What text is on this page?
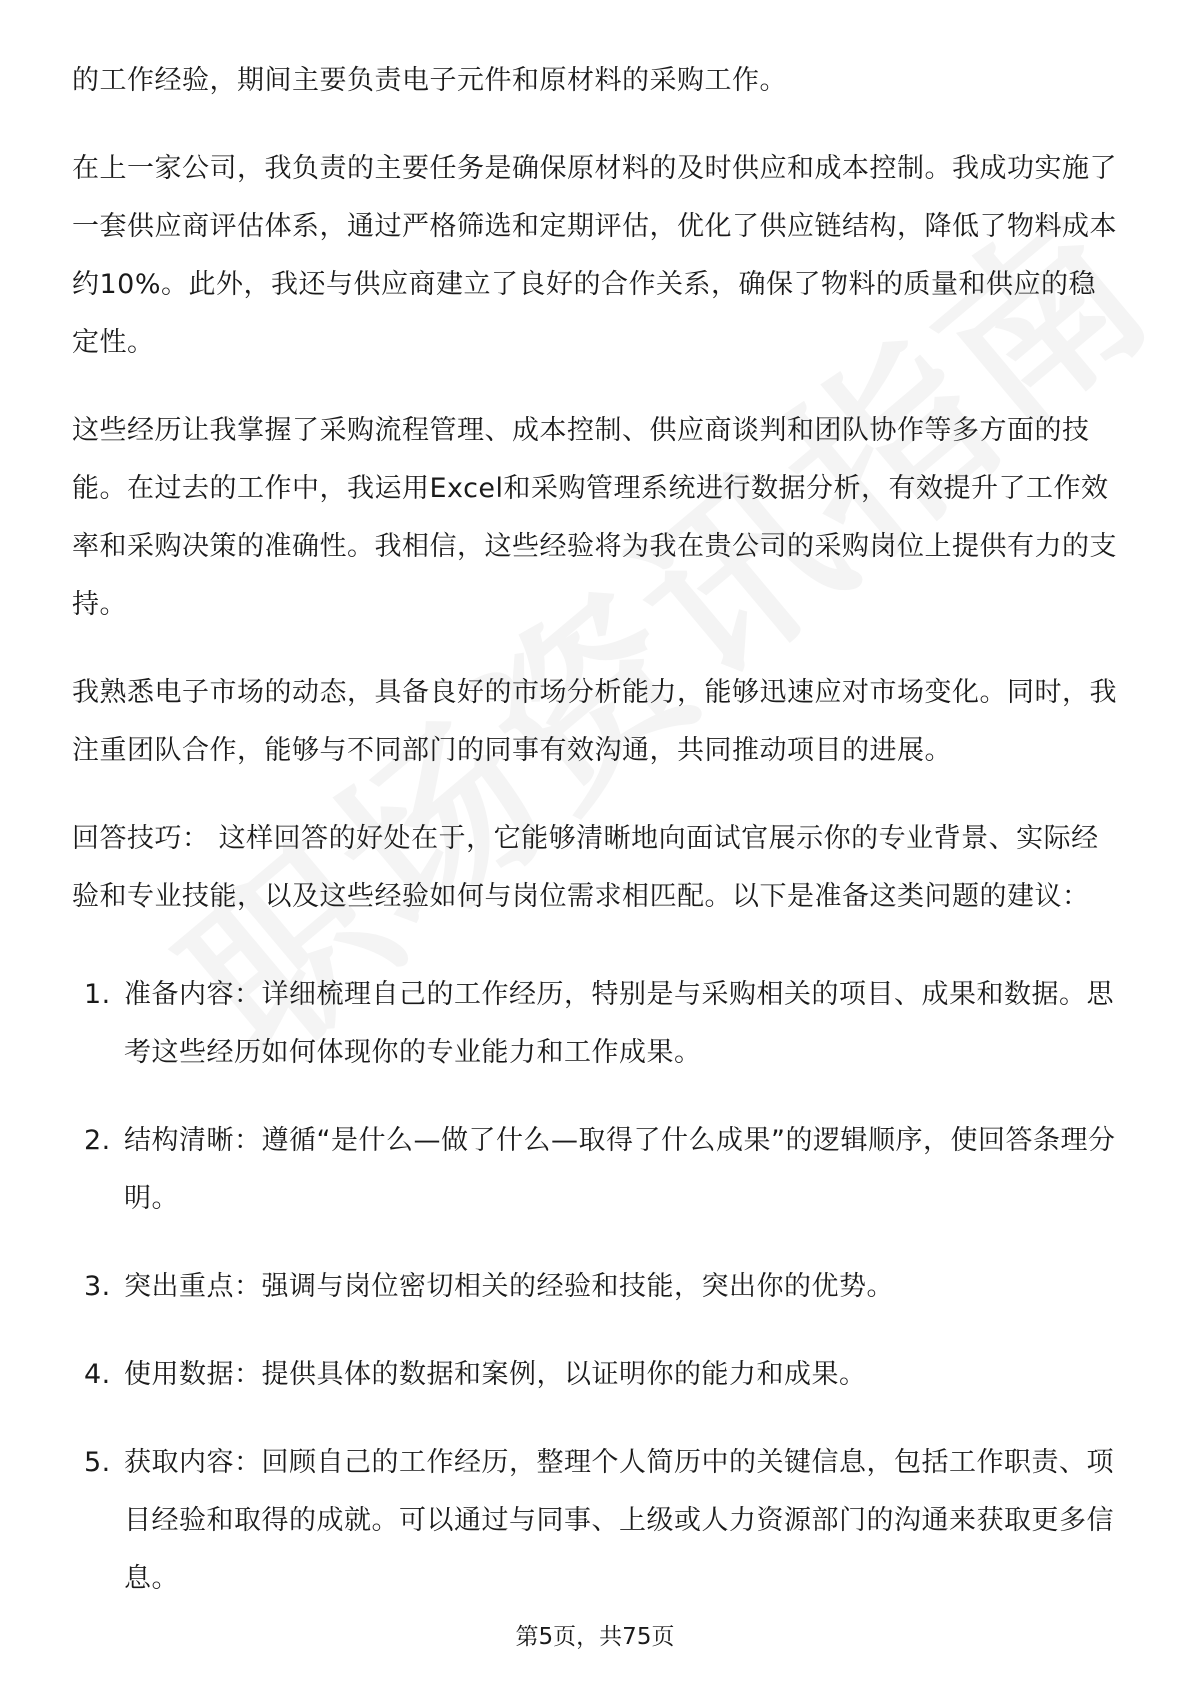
的工作经验，期间主要负责电子元件和原材料的采购工作。

在上一家公司，我负责的主要任务是确保原材料的及时供应和成本控制。我成功实施了一套供应商评估体系，通过严格筛选和定期评估，优化了供应链结构，降低了物料成本约10%。此外，我还与供应商建立了良好的合作关系，确保了物料的质量和供应的稳定性。

这些经历让我掌握了采购流程管理、成本控制、供应商谈判和团队协作等多方面的技能。在过去的工作中，我运用Excel和采购管理系统进行数据分析，有效提升了工作效率和采购决策的准确性。我相信，这些经验将为我在贵公司的采购岗位上提供有力的支持。

我熟悉电子市场的动态，具备良好的市场分析能力，能够迅速应对市场变化。同时，我注重团队合作，能够与不同部门的同事有效沟通，共同推动项目的进展。

回答技巧： 这样回答的好处在于，它能够清晰地向面试官展示你的专业背景、实际经验和专业技能，以及这些经验如何与岗位需求相匹配。以下是准备这类问题的建议：

1. 准备内容：详细梳理自己的工作经历，特别是与采购相关的项目、成果和数据。思考这些经历如何体现你的专业能力和工作成果。
2. 结构清晰：遵循“是什么—做了什么—取得了什么成果”的逻辑顺序，使回答条理分明。
3. 突出重点：强调与岗位密切相关的经验和技能，突出你的优势。
4. 使用数据：提供具体的数据和案例，以证明你的能力和成果。
5. 获取内容：回顾自己的工作经历，整理个人简历中的关键信息，包括工作职责、项目经验和取得的成就。可以通过与同事、上级或人力资源部门的沟通来获取更多信息。
第5页，共75页
